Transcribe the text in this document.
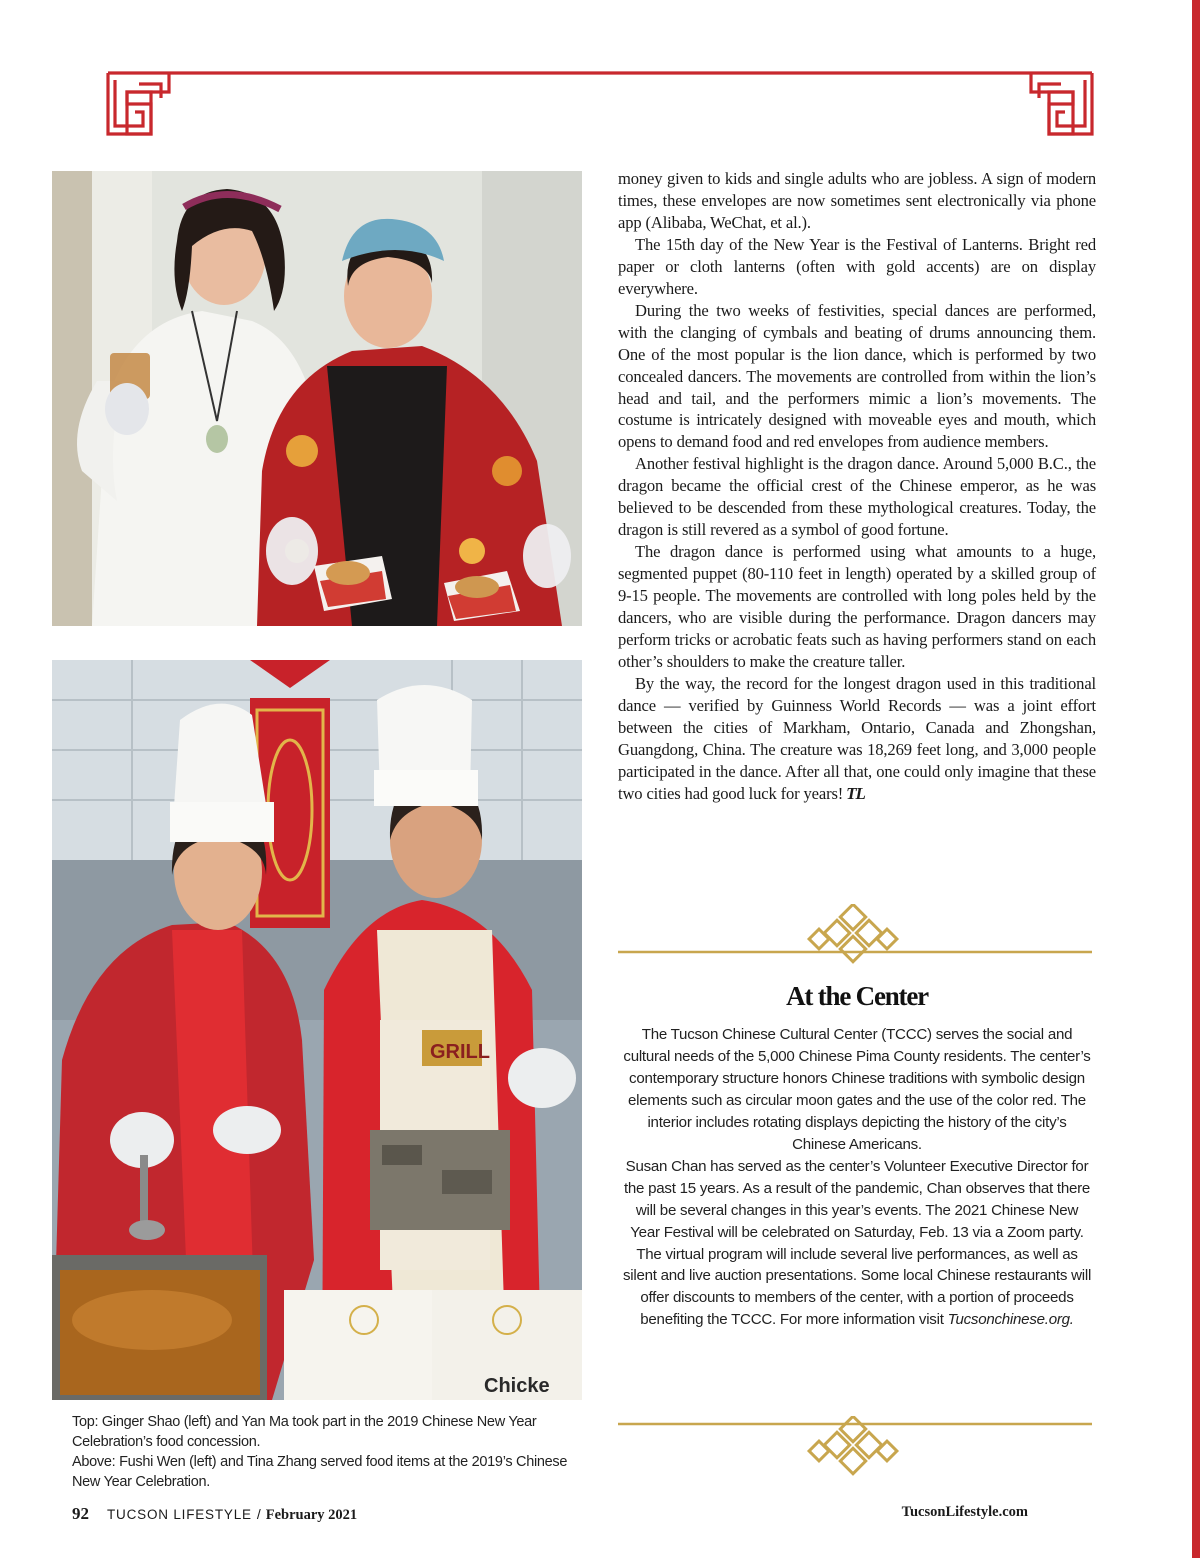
GRILL
Chicke

Top: Ginger Shao (left) and Yan Ma took part in the 2019 Chinese New Year Celebration’s food concession.

Above: Fushi Wen (left) and Tina Zhang served food items at the 2019’s Chinese New Year Celebration.

money given to kids and single adults who are jobless. A sign of modern times, these envelopes are now sometimes sent electronically via phone app (Alibaba, WeChat, et al.).

The 15th day of the New Year is the Festival of Lanterns. Bright red paper or cloth lanterns (often with gold accents) are on display everywhere.

During the two weeks of festivities, special dances are performed, with the clanging of cymbals and beating of drums announcing them. One of the most popular is the lion dance, which is performed by two concealed dancers. The movements are controlled from within the lion’s head and tail, and the performers mimic a lion’s movements. The costume is intricately designed with moveable eyes and mouth, which opens to demand food and red envelopes from audience members.

Another festival highlight is the dragon dance. Around 5,000 B.C., the dragon became the official crest of the Chinese emperor, as he was believed to be descended from these mythological creatures. Today, the dragon is still revered as a symbol of good fortune.

The dragon dance is performed using what amounts to a huge, segmented puppet (80-110 feet in length) operated by a skilled group of 9-15 people. The movements are controlled with long poles held by the dancers, who are visible during the performance. Dragon dancers may perform tricks or acrobatic feats such as having performers stand on each other’s shoulders to make the creature taller.

By the way, the record for the longest dragon used in this traditional dance — verified by Guinness World Records — was a joint effort between the cities of Markham, Ontario, Canada and Zhongshan, Guangdong, China. The creature was 18,269 feet long, and 3,000 people participated in the dance. After all that, one could only imagine that these two cities had good luck for years! TL

At the Center

The Tucson Chinese Cultural Center (TCCC) serves the social and cultural needs of the 5,000 Chinese Pima County residents. The center’s contemporary structure honors Chinese traditions with symbolic design elements such as circular moon gates and the use of the color red. The interior includes rotating displays depicting the history of the city’s Chinese Americans.

Susan Chan has served as the center’s Volunteer Executive Director for the past 15 years. As a result of the pandemic, Chan observes that there will be several changes in this year’s events. The 2021 Chinese New Year Festival will be celebrated on Saturday, Feb. 13 via a Zoom party. The virtual program will include several live performances, as well as silent and live auction presentations. Some local Chinese restaurants will offer discounts to members of the center, with a portion of proceeds benefiting the TCCC. For more information visit Tucsonchinese.org.

92 TUCSON LIFESTYLE / February 2021	TucsonLifestyle.com
